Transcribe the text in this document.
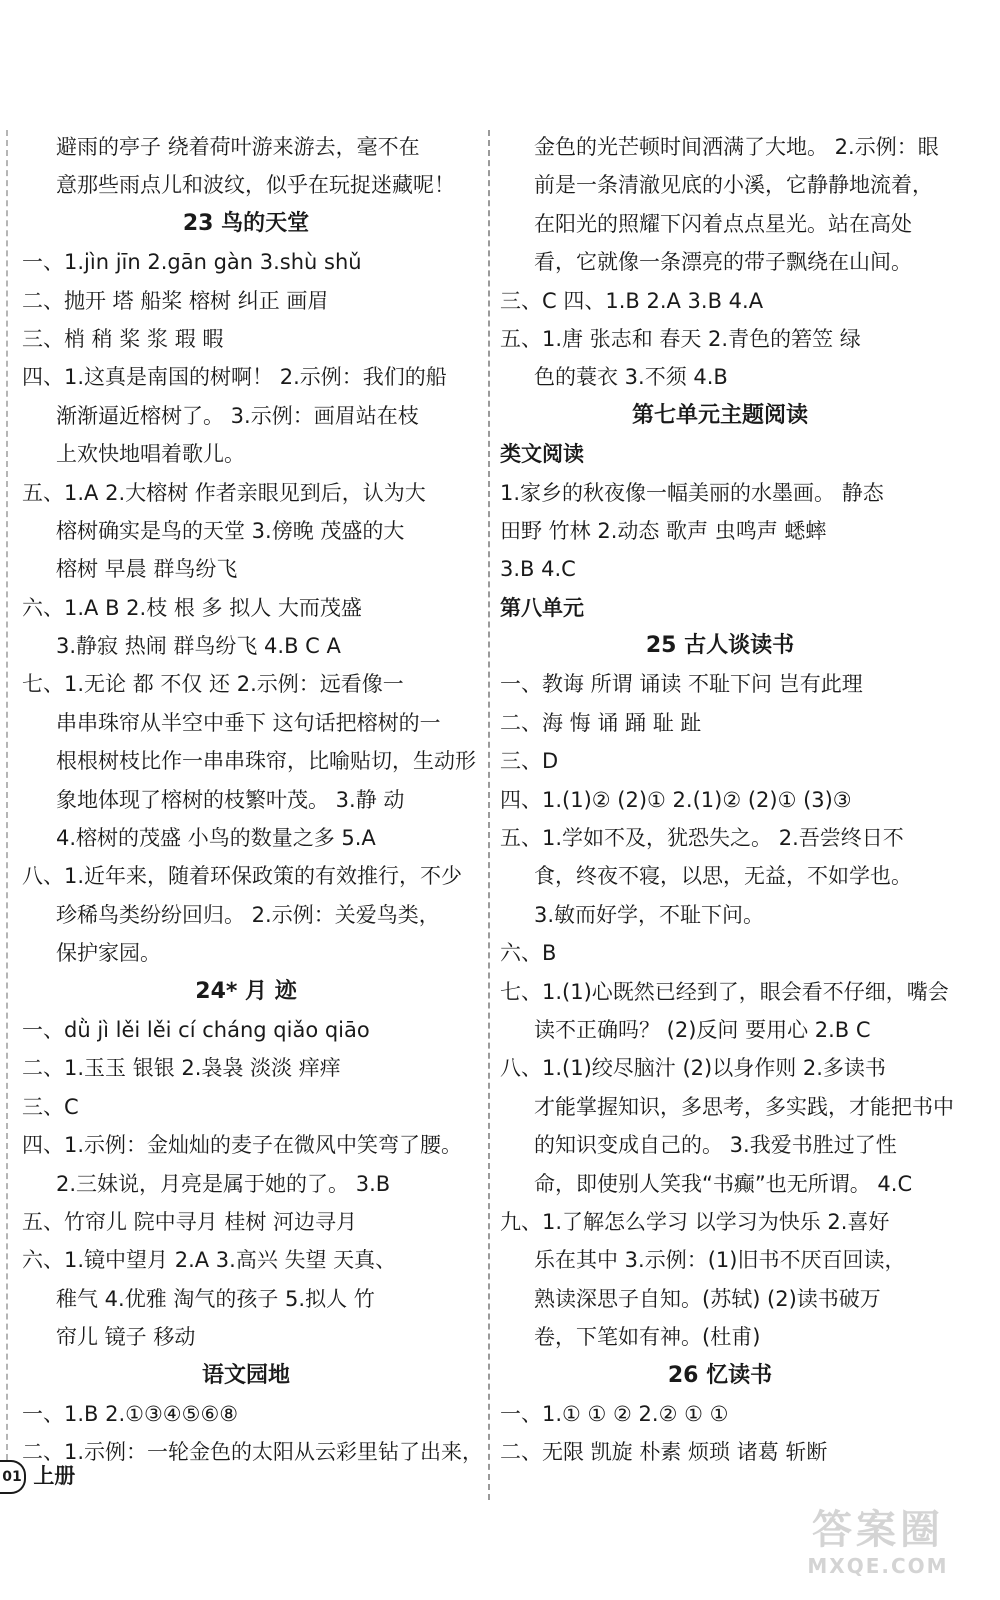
避雨的亭子 绕着荷叶游来游去，毫不在
意那些雨点儿和波纹，似乎在玩捉迷藏呢！
23 鸟的天堂
一、1.jìn jīn 2.gān gàn 3.shù shǔ
二、抛开 塔 船桨 榕树 纠正 画眉
三、梢 稍 桨 浆 瑕 暇
四、1.这真是南国的树啊！ 2.示例：我们的船
渐渐逼近榕树了。 3.示例：画眉站在枝
上欢快地唱着歌儿。
五、1.A 2.大榕树 作者亲眼见到后，认为大
榕树确实是鸟的天堂 3.傍晚 茂盛的大
榕树 早晨 群鸟纷飞
六、1.A B 2.枝 根 多 拟人 大而茂盛
3.静寂 热闹 群鸟纷飞 4.B C A
七、1.无论 都 不仅 还 2.示例：远看像一
串串珠帘从半空中垂下 这句话把榕树的一
根根树枝比作一串串珠帘，比喻贴切，生动形
象地体现了榕树的枝繁叶茂。 3.静 动
4.榕树的茂盛 小鸟的数量之多 5.A
八、1.近年来，随着环保政策的有效推行，不少
珍稀鸟类纷纷回归。 2.示例：关爱鸟类，
保护家园。
24* 月 迹
一、dǜ jì lěi lěi cí cháng qiǎo qiāo
二、1.玉玉 银银 2.袅袅 淡淡 痒痒
三、C
四、1.示例：金灿灿的麦子在微风中笑弯了腰。
2.三妹说，月亮是属于她的了。 3.B
五、竹帘儿 院中寻月 桂树 河边寻月
六、1.镜中望月 2.A 3.高兴 失望 天真、
稚气 4.优雅 淘气的孩子 5.拟人 竹
帘儿 镜子 移动
语文园地
一、1.B 2.①③④⑤⑥⑧
二、1.示例：一轮金色的太阳从云彩里钻了出来，
金色的光芒顿时间洒满了大地。 2.示例：眼
前是一条清澈见底的小溪，它静静地流着，
在阳光的照耀下闪着点点星光。站在高处
看，它就像一条漂亮的带子飘绕在山间。
三、C 四、1.B 2.A 3.B 4.A
五、1.唐 张志和 春天 2.青色的箬笠 绿
色的蓑衣 3.不须 4.B
第七单元主题阅读
类文阅读
1.家乡的秋夜像一幅美丽的水墨画。 静态
田野 竹林 2.动态 歌声 虫鸣声 蟋蟀
3.B 4.C
第八单元
25 古人谈读书
一、教诲 所谓 诵读 不耻下问 岂有此理
二、海 悔 诵 踊 耻 趾
三、D
四、1.(1)② (2)① 2.(1)② (2)① (3)③
五、1.学如不及，犹恐失之。 2.吾尝终日不
食，终夜不寝，以思，无益，不如学也。
3.敏而好学，不耻下问。
六、B
七、1.(1)心既然已经到了，眼会看不仔细，嘴会
读不正确吗？ (2)反问 要用心 2.B C
八、1.(1)绞尽脑汁 (2)以身作则 2.多读书
才能掌握知识，多思考，多实践，才能把书中
的知识变成自己的。 3.我爱书胜过了性
命，即使别人笑我“书癫”也无所谓。 4.C
九、1.了解怎么学习 以学习为快乐 2.喜好
乐在其中 3.示例：(1)旧书不厌百回读，
熟读深思子自知。(苏轼) (2)读书破万
卷，下笔如有神。(杜甫)
26 忆读书
一、1.① ① ② 2.② ① ①
二、无限 凯旋 朴素 烦琐 诸葛 斩断
01 上册
答案圈
MXQE.COM
